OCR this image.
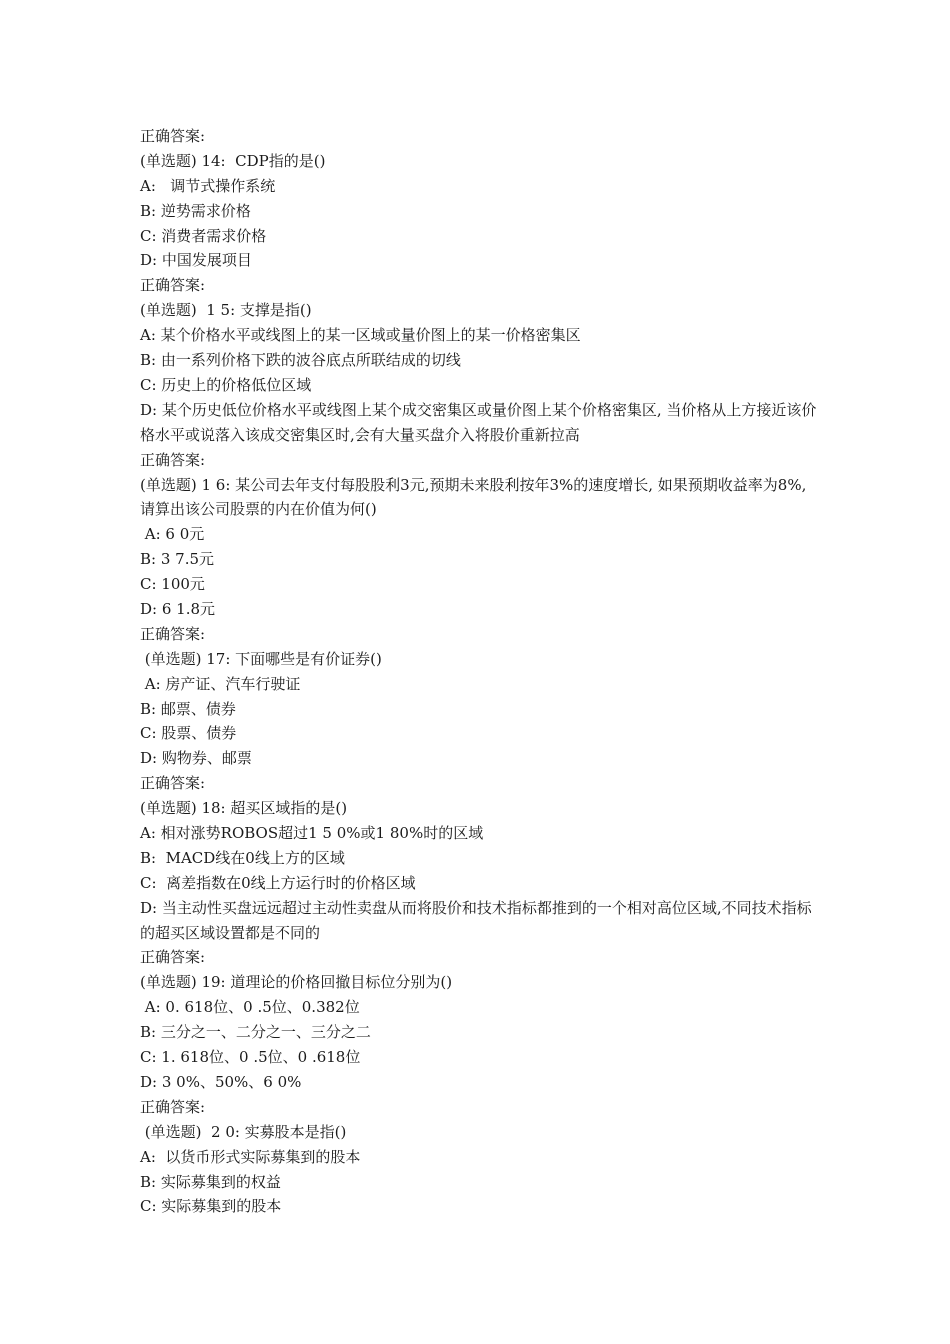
正确答案:
(单选题) 14:  CDP指的是()
A:   调节式操作系统
B: 逆势需求价格
C: 消费者需求价格
D: 中国发展项目
正确答案:
(单选题)  1 5: 支撑是指()
A: 某个价格水平或线图上的某一区域或量价图上的某一价格密集区
B: 由一系列价格下跌的波谷底点所联结成的切线
C: 历史上的价格低位区域
D: 某个历史低位价格水平或线图上某个成交密集区或量价图上某个价格密集区, 当价格从上方接近该价格水平或说落入该成交密集区时,会有大量买盘介入将股价重新拉高
正确答案:
(单选题) 1 6: 某公司去年支付每股股利3元,预期未来股利按年3%的速度增长, 如果预期收益率为8%,请算出该公司股票的内在价值为何()
A: 6 0元
B: 3 7.5元
C: 100元
D: 6 1.8元
正确答案:
(单选题) 17: 下面哪些是有价证券()
A: 房产证、汽车行驶证
B: 邮票、债券
C: 股票、债券
D: 购物券、邮票
正确答案:
(单选题) 18: 超买区域指的是()
A: 相对涨势ROBOS超过1 5 0%或1 80%时的区域
B:  MACD线在0线上方的区域
C:  离差指数在0线上方运行时的价格区域
D: 当主动性买盘远远超过主动性卖盘从而将股价和技术指标都推到的一个相对高位区域,不同技术指标的超买区域设置都是不同的
正确答案:
(单选题) 19: 道理论的价格回撤目标位分别为()
A: 0. 618位、0 .5位、0.382位
B: 三分之一、二分之一、三分之二
C: 1. 618位、0 .5位、0 .618位
D: 3 0%、50%、6 0%
正确答案:
(单选题)  2 0: 实募股本是指()
A:  以货币形式实际募集到的股本
B: 实际募集到的权益
C: 实际募集到的股本
